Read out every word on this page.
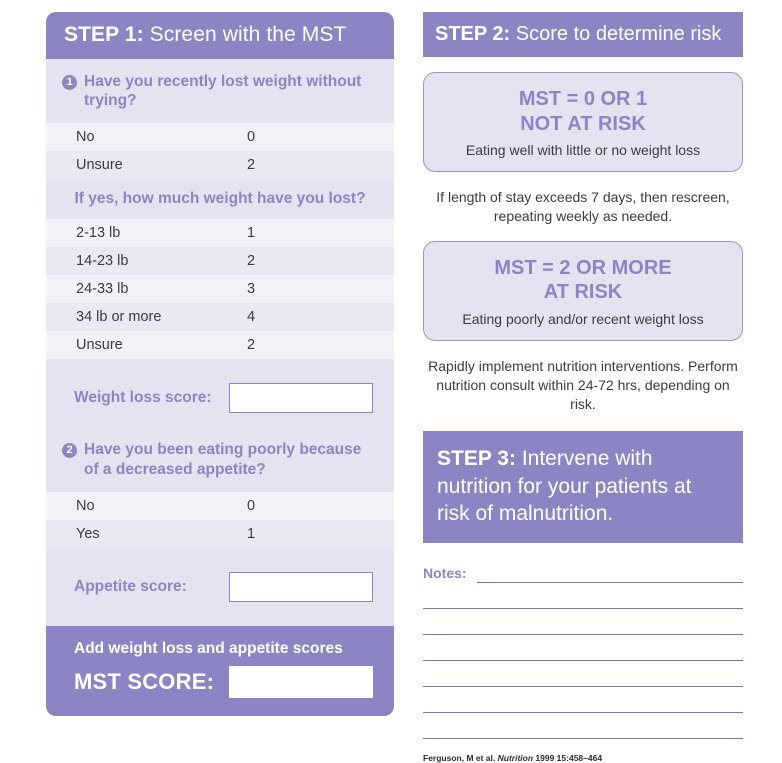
STEP 1: Screen with the MST
1 Have you recently lost weight without trying?
No	0
Unsure	2
If yes, how much weight have you lost?
2-13 lb	1
14-23 lb	2
24-33 lb	3
34 lb or more	4
Unsure	2
Weight loss score:
2 Have you been eating poorly because of a decreased appetite?
No	0
Yes	1
Appetite score:
Add weight loss and appetite scores
MST SCORE:
STEP 2: Score to determine risk
MST = 0 OR 1
NOT AT RISK
Eating well with little or no weight loss
If length of stay exceeds 7 days, then rescreen, repeating weekly as needed.
MST = 2 OR MORE
AT RISK
Eating poorly and/or recent weight loss
Rapidly implement nutrition interventions. Perform nutrition consult within 24-72 hrs, depending on risk.
STEP 3: Intervene with nutrition for your patients at risk of malnutrition.
Notes:
Ferguson, M et al. Nutrition 1999 15:458–464
